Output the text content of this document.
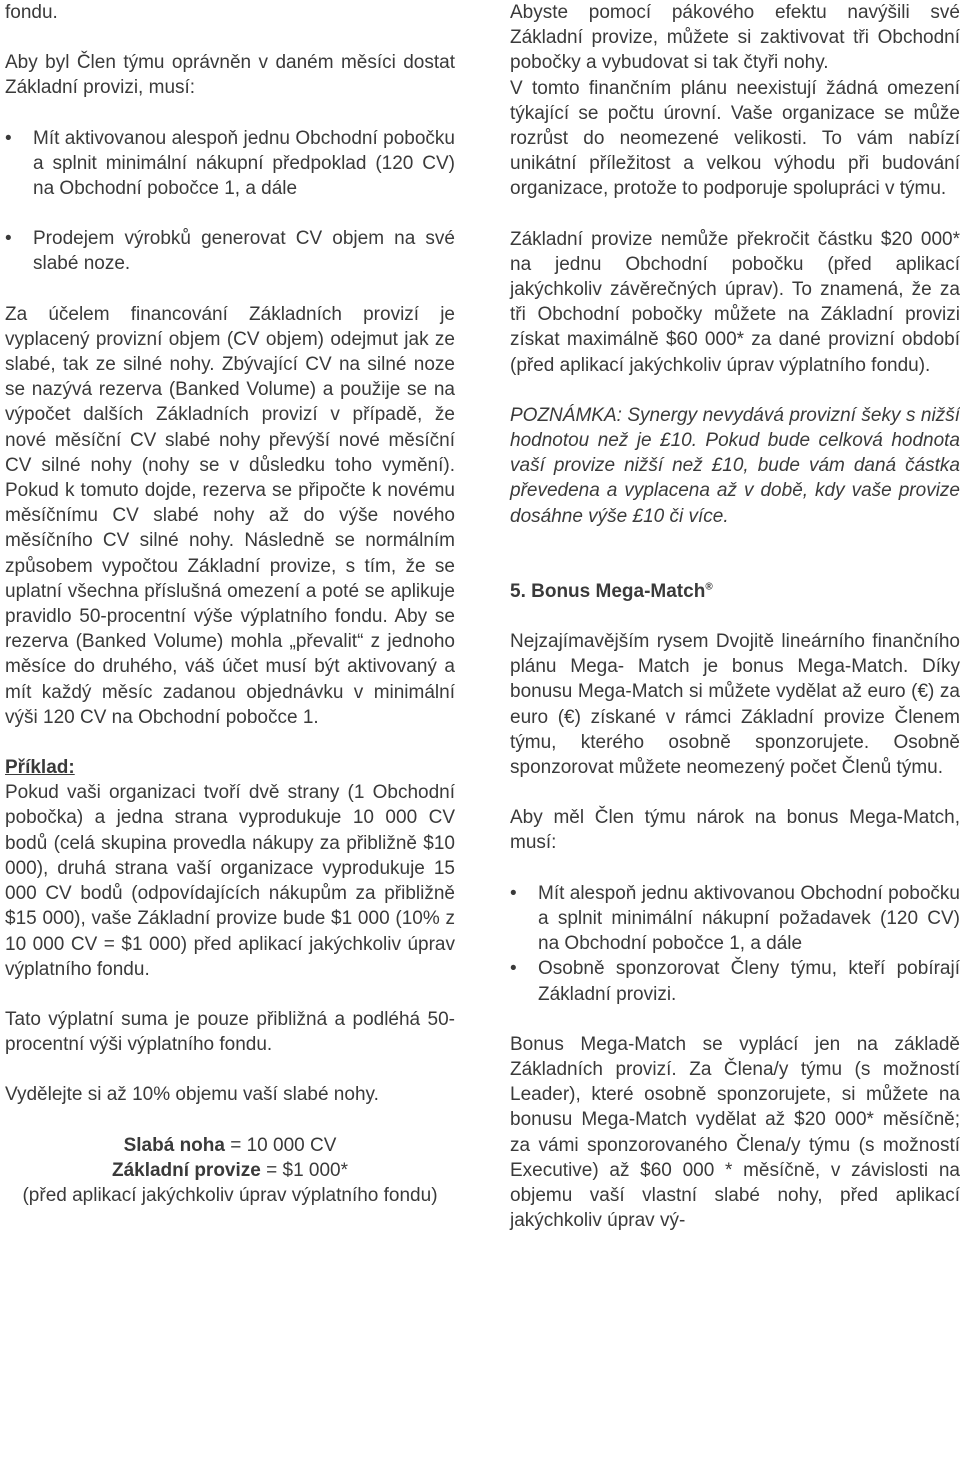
fondu.

Aby byl Člen týmu oprávněn v daném měsíci dostat Základní provizi, musí:

•	Mít aktivovanou alespoň jednu Obchodní pobočku a splnit minimální nákupní předpoklad (120 CV) na Obchodní pobočce 1, a dále
•	Prodejem výrobků generovat CV objem na své slabé noze.

Za účelem financování Základních provizí je vyplacený provizní objem (CV objem) odejmut jak ze slabé, tak ze silné nohy. Zbývající CV na silné noze se nazývá rezerva (Banked Volume) a použije se na výpočet dalších Základních provizí v případě, že nové měsíční CV slabé nohy převýší nové měsíční CV silné nohy (nohy se v důsledku toho vymění). Pokud k tomuto dojde, rezerva se připočte k novému měsíčnímu CV slabé nohy až do výše nového měsíčního CV silné nohy. Následně se normálním způsobem vypočtou Základní provize, s tím, že se uplatní všechna příslušná omezení a poté se aplikuje pravidlo 50-procentní výše výplatního fondu. Aby se rezerva (Banked Volume) mohla „převalit“ z jednoho měsíce do druhého, váš účet musí být aktivovaný a mít každý měsíc zadanou objednávku v minimální výši 120 CV na Obchodní pobočce 1.

Příklad:

Pokud vaši organizaci tvoří dvě strany (1 Obchodní pobočka) a jedna strana vyprodukuje 10 000 CV bodů (celá skupina provedla nákupy za přibližně $10 000), druhá strana vaší organizace vyprodukuje 15 000 CV bodů (odpovídajících nákupům za přibližně $15 000), vaše Základní provize bude $1 000 (10% z 10 000 CV = $1 000) před aplikací jakýchkoliv úprav výplatního fondu.

Tato výplatní suma je pouze přibližná a podléhá 50-procentní výši výplatního fondu.

Vydělejte si až 10% objemu vaší slabé nohy.

Slabá noha = 10 000 CV
Základní provize = $1 000*
(před aplikací jakýchkoliv úprav výplatního fondu)

Abyste pomocí pákového efektu navýšili své Základní provize, můžete si zaktivovat tři Obchodní pobočky a vybudovat si tak čtyři nohy.

V tomto finančním plánu neexistují žádná omezení týkající se počtu úrovní. Vaše organizace se může rozrůst do neomezené velikosti. To vám nabízí unikátní příležitost a velkou výhodu při budování organizace, protože to podporuje spolupráci v týmu.

Základní provize nemůže překročit částku $20 000* na jednu Obchodní pobočku (před aplikací jakýchkoliv závěrečných úprav). To znamená, že za tři Obchodní pobočky můžete na Základní provizi získat maximálně $60 000* za dané provizní období (před aplikací jakýchkoliv úprav výplatního fondu).

POZNÁMKA: Synergy nevydává provizní šeky s nižší hodnotou než je £10. Pokud bude celková hodnota vaší provize nižší než £10, bude vám daná částka převedena a vyplacena až v době, kdy vaše provize dosáhne výše £10 či více.

5. Bonus Mega-Match®

Nejzajímavějším rysem Dvojitě lineárního finančního plánu Mega- Match je bonus Mega-Match. Díky bonusu Mega-Match si můžete vydělat až euro (€) za euro (€) získané v rámci Základní provize Členem týmu, kterého osobně sponzorujete. Osobně sponzorovat můžete neomezený počet Členů týmu.

Aby měl Člen týmu nárok na bonus Mega-Match, musí:

•	Mít alespoň jednu aktivovanou Obchodní pobočku a splnit minimální nákupní požadavek (120 CV) na Obchodní pobočce 1, a dále
•	Osobně sponzorovat Členy týmu, kteří pobírají Základní provizi.

Bonus Mega-Match se vyplácí jen na základě Základních provizí. Za Člena/y týmu (s možností Leader), které osobně sponzorujete, si můžete na bonusu Mega-Match vydělat až $20 000* měsíčně; za vámi sponzorovaného Člena/y týmu (s možností Executive) až $60 000 * měsíčně, v závislosti na objemu vaší vlastní slabé nohy, před aplikací jakýchkoliv úprav vý-
